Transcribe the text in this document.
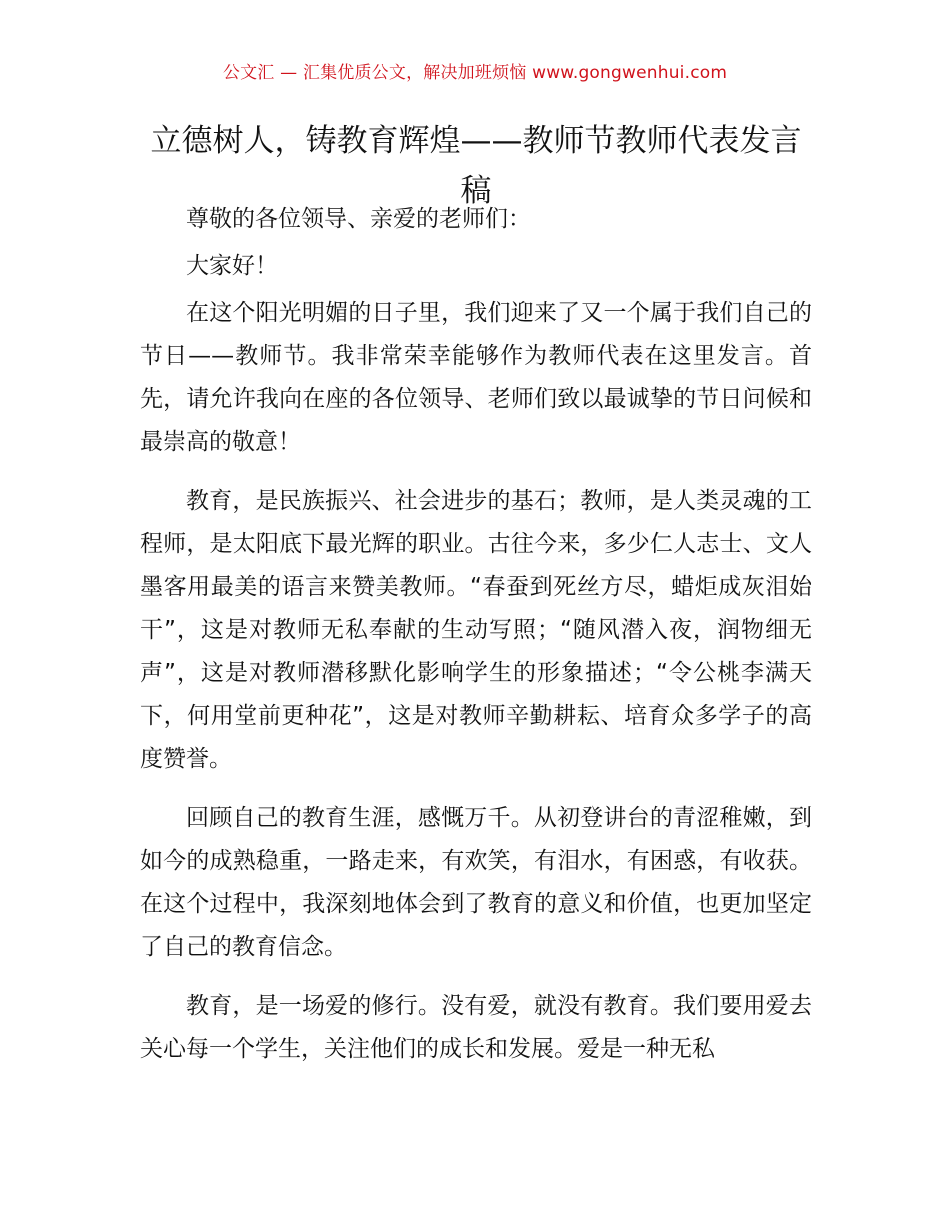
公文汇 — 汇集优质公文，解决加班烦恼 www.gongwenhui.com
立德树人，铸教育辉煌——教师节教师代表发言稿

尊敬的各位领导、亲爱的老师们：

大家好！

在这个阳光明媚的日子里，我们迎来了又一个属于我们自己的节日——教师节。我非常荣幸能够作为教师代表在这里发言。首先，请允许我向在座的各位领导、老师们致以最诚挚的节日问候和最崇高的敬意！

教育，是民族振兴、社会进步的基石；教师，是人类灵魂的工程师，是太阳底下最光辉的职业。古往今来，多少仁人志士、文人墨客用最美的语言来赞美教师。“春蚕到死丝方尽，蜡炬成灰泪始干”，这是对教师无私奉献的生动写照；“随风潜入夜，润物细无声”，这是对教师潜移默化影响学生的形象描述；“令公桃李满天下，何用堂前更种花”，这是对教师辛勤耕耘、培育众多学子的高度赞誉。

回顾自己的教育生涯，感慨万千。从初登讲台的青涩稚嫩，到如今的成熟稳重，一路走来，有欢笑，有泪水，有困惑，有收获。在这个过程中，我深刻地体会到了教育的意义和价值，也更加坚定了自己的教育信念。

教育，是一场爱的修行。没有爱，就没有教育。我们要用爱去关心每一个学生，关注他们的成长和发展。爱是一种无私
